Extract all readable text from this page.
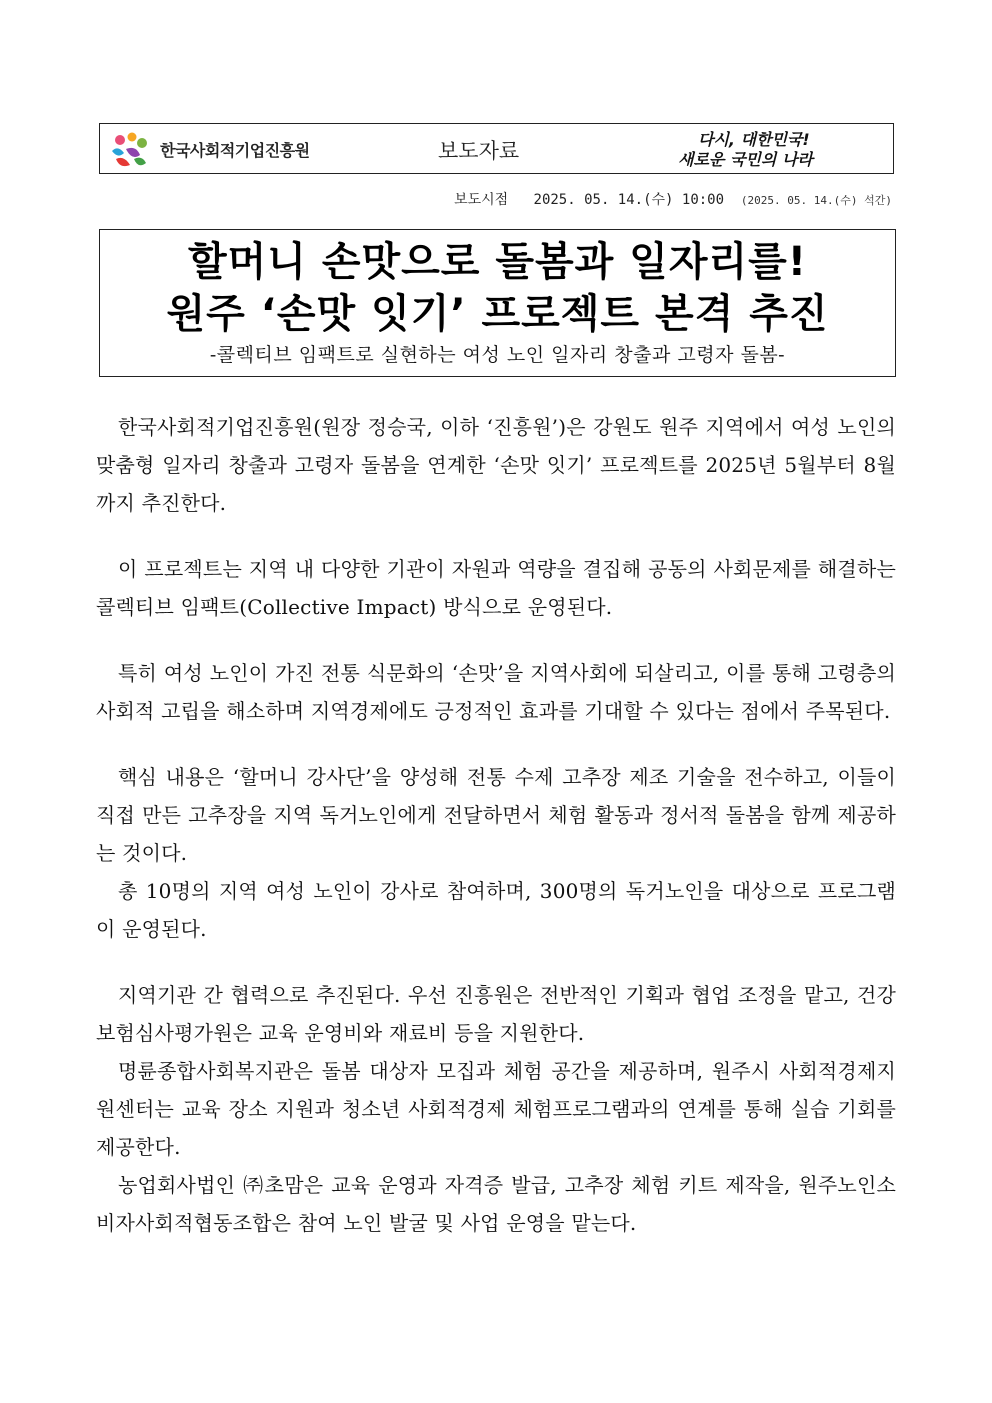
한국사회적기업진흥원	보도자료	다시, 대한민국!
새로운 국민의 나라
보도시점 2025. 05. 14.(수) 10:00 (2025. 05. 14.(수) 석간)
할머니 손맛으로 돌봄과 일자리를!
원주 ‘손맛 잇기’ 프로젝트 본격 추진
-콜렉티브 임팩트로 실현하는 여성 노인 일자리 창출과 고령자 돌봄-

한국사회적기업진흥원(원장 정승국, 이하 ‘진흥원’)은 강원도 원주 지역에서 여성 노인의 맞춤형 일자리 창출과 고령자 돌봄을 연계한 ‘손맛 잇기’ 프로젝트를 2025년 5월부터 8월까지 추진한다.

이 프로젝트는 지역 내 다양한 기관이 자원과 역량을 결집해 공동의 사회문제를 해결하는 콜렉티브 임팩트(Collective Impact) 방식으로 운영된다.

특히 여성 노인이 가진 전통 식문화의 ‘손맛’을 지역사회에 되살리고, 이를 통해 고령층의 사회적 고립을 해소하며 지역경제에도 긍정적인 효과를 기대할 수 있다는 점에서 주목된다.

핵심 내용은 ‘할머니 강사단’을 양성해 전통 수제 고추장 제조 기술을 전수하고, 이들이 직접 만든 고추장을 지역 독거노인에게 전달하면서 체험 활동과 정서적 돌봄을 함께 제공하는 것이다.

총 10명의 지역 여성 노인이 강사로 참여하며, 300명의 독거노인을 대상으로 프로그램이 운영된다.

지역기관 간 협력으로 추진된다. 우선 진흥원은 전반적인 기획과 협업 조정을 맡고, 건강보험심사평가원은 교육 운영비와 재료비 등을 지원한다.

명륜종합사회복지관은 돌봄 대상자 모집과 체험 공간을 제공하며, 원주시 사회적경제지원센터는 교육 장소 지원과 청소년 사회적경제 체험프로그램과의 연계를 통해 실습 기회를 제공한다.

농업회사법인 ㈜초맘은 교육 운영과 자격증 발급, 고추장 체험 키트 제작을, 원주노인소비자사회적협동조합은 참여 노인 발굴 및 사업 운영을 맡는다.
